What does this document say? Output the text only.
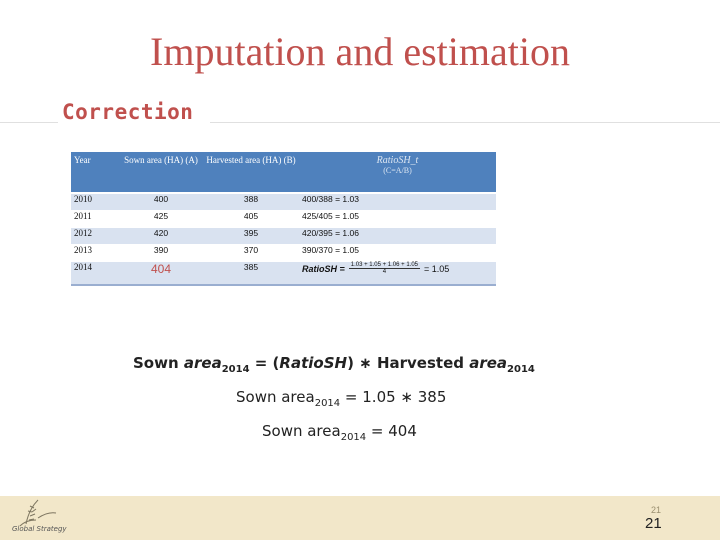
Imputation and estimation
Correction
Year	Sown area (HA) (A)	Harvested area (HA) (B)	RatioSH_t
(C=A/B)

2010	400	388	400/388 = 1.03
2011	425	405	425/405 = 1.05
2012	420	395	420/395 = 1.06
2013	390	370	390/370 = 1.05
2014	404	385	RatioSH = $\frac{1.03 + 1.05 + 1.06 + 1.05}{4} = 1.05$
Sown area$_{2014}$ = (RatioSH) ∗ Harvested area$_{2014}$
Sown area$_{2014}$ = 1.05 ∗ 385
Sown area$_{2014}$ = 404
Global Strategy
21
21
